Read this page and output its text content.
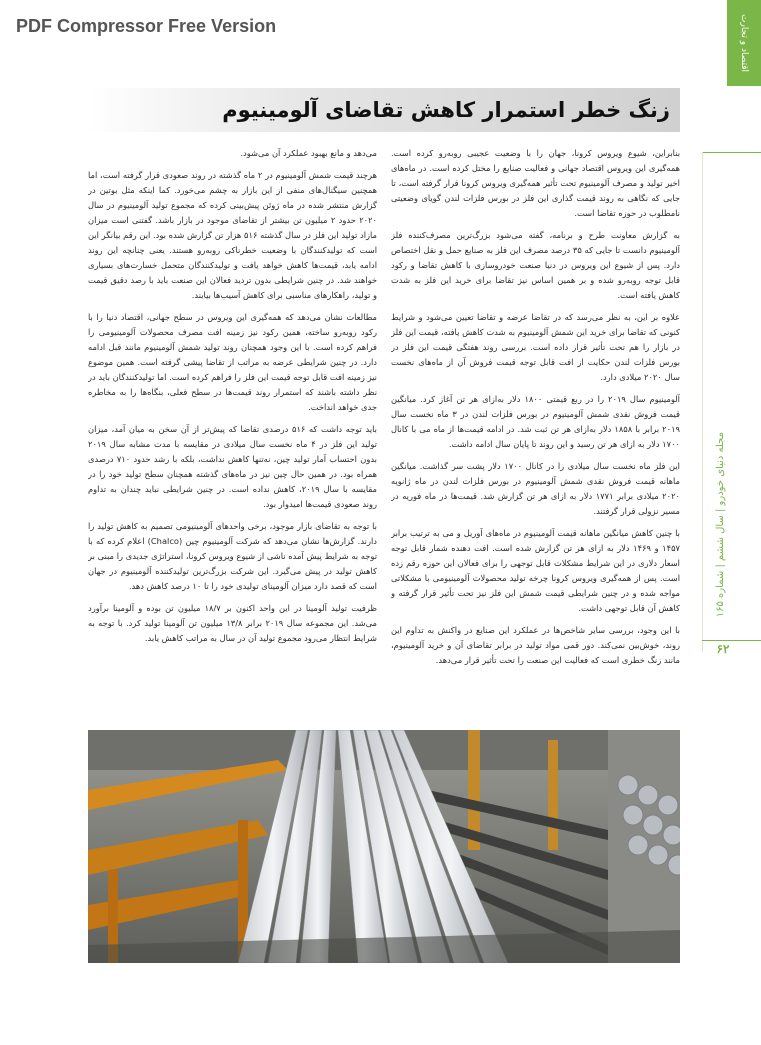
PDF Compressor Free Version	اقتصاد و تجارت
مجله دنیای خودرو | سال ششم | شماره ۱۶۵
۶۲
زنگ خطر استمرار کاهش تقاضای آلومینیوم

بنابراین، شیوع ویروس کرونا، جهان را با وضعیت عجیبی روبه‌رو کرده است. همه‌گیری این ویروس اقتصاد جهانی و فعالیت صنایع را مختل کرده است. در ماه‌های اخیر تولید و مصرف آلومینیوم تحت تأثیر همه‌گیری ویروس کرونا قرار گرفته است، تا جایی که نگاهی به روند قیمت گذاری این فلز در بورس فلزات لندن گویای وضعیتی نامطلوب در حوزه تقاضا است.

به گزارش معاونت طرح و برنامه، گفته می‌شود بزرگ‌ترین مصرف‌کننده فلز آلومینیوم دانست تا جایی که ۳۵ درصد مصرف این فلز به صنایع حمل و نقل اختصاص دارد. پس از شیوع این ویروس در دنیا صنعت خودروسازی با کاهش تقاضا و رکود قابل توجه روبه‌رو شده و بر همین اساس نیز تقاضا برای خرید این فلز به شدت کاهش یافته است.

علاوه بر این، به نظر می‌رسد که در تقاضا عرضه و تقاضا تعیین می‌شود و شرایط کنونی که تقاضا برای خرید این شمش آلومینیوم به شدت کاهش یافته، قیمت این فلز در بازار را هم تحت تأثیر قرار داده است. بررسی روند هفتگی قیمت این فلز در بورس فلزات لندن حکایت از افت قابل توجه قیمت فروش آن از ماه‌های نخست سال ۲۰۲۰ میلادی دارد.

آلومینیوم سال ۲۰۱۹ را در ربع قیمتی ۱۸۰۰ دلار به‌ازای هر تن آغاز کرد. میانگین قیمت فروش نقدی شمش آلومینیوم در بورس فلزات لندن در ۳ ماه نخست سال ۲۰۱۹ برابر با ۱۸۵۸ دلار به‌ازای هر تن ثبت شد. در ادامه قیمت‌ها از ماه می با کانال ۱۷۰۰ دلار به ازای هر تن رسید و این روند تا پایان سال ادامه داشت.

این فلز ماه نخست سال میلادی را در کانال ۱۷۰۰ دلار پشت سر گذاشت. میانگین ماهانه قیمت فروش نقدی شمش آلومینیوم در بورس فلزات لندن در ماه ژانویه ۲۰۲۰ میلادی برابر ۱۷۷۱ دلار به ازای هر تن گزارش شد. قیمت‌ها در ماه فوریه در مسیر نزولی قرار گرفتند.

با چنین کاهش میانگین ماهانه قیمت آلومینیوم در ماه‌های آوریل و می به ترتیب برابر ۱۴۵۷ و ۱۴۶۹ دلار به ازای هر تن گزارش شده است. افت دهنده شمار قابل توجه اسعار دلاری در این شرایط مشکلات قابل توجهی را برای فعالان این حوزه رقم زده است. پس از همه‌گیری ویروس کرونا چرخه تولید محصولات آلومینیومی با مشکلاتی مواجه شده و در چنین شرایطی قیمت شمش این فلز نیز تحت تأثیر قرار گرفته و کاهش آن قابل توجهی داشت.

با این وجود، بررسی سایر شاخص‌ها در عملکرد این صنایع در واکنش به تداوم این روند، خوش‌بین نمی‌کند. دور قمی مواد تولید در برابر تقاضای آن و خرید آلومینیوم، مانند زنگ خطری است که فعالیت این صنعت را تحت تأثیر قرار می‌دهد.

می‌دهد و مانع بهبود عملکرد آن می‌شود.

هرچند قیمت شمش آلومینیوم در ۲ ماه گذشته در روند صعودی قرار گرفته است، اما همچنین سیگنال‌های منفی از این بازار به چشم می‌خورد. کما اینکه مثل بوتین در گزارش منتشر شده در ماه ژوئن پیش‌بینی کرده که مجموع تولید آلومینیوم در سال ۲۰۲۰ حدود ۲ میلیون تن بیشتر از تقاضای موجود در بازار باشد. گفتنی است میزان مازاد تولید این فلز در سال گذشته ۵۱۶ هزار تن گزارش شده بود. این رقم بیانگر این است که تولیدکنندگان با وضعیت خطرناکی روبه‌رو هستند. یعنی چنانچه این روند ادامه یابد، قیمت‌ها کاهش خواهد یافت و تولیدکنندگان متحمل خسارت‌های بسیاری خواهند شد. در چنین شرایطی بدون تردید فعالان این صنعت باید با رصد دقیق قیمت و تولید، راهکارهای مناسبی برای کاهش آسیب‌ها بیابند.

مطالعات نشان می‌دهد که همه‌گیری این ویروس در سطح جهانی، اقتصاد دنیا را با رکود روبه‌رو ساخته، همین رکود نیز زمینه افت مصرف محصولات آلومینیومی را فراهم کرده است. با این وجود همچنان روند تولید شمش آلومینیوم مانند قبل ادامه دارد. در چنین شرایطی عرضه به مراتب از تقاضا پیشی گرفته است. همین موضوع نیز زمینه افت قابل توجه قیمت این فلز را فراهم کرده است. اما تولیدکنندگان باید در نظر داشته باشند که استمرار روند قیمت‌ها در سطح فعلی، بنگاه‌ها را به مخاطره جدی خواهد انداخت.

باید توجه داشت که ۵۱۶ درصدی تقاضا که پیش‌تر از آن سخن به میان آمد، میزان تولید این فلز در ۴ ماه نخست سال میلادی در مقایسه با مدت مشابه سال ۲۰۱۹ بدون احتساب آمار تولید چین، نه‌تنها کاهش نداشت، بلکه با رشد حدود ۷۱۰ درصدی همراه بود. در همین حال چین نیز در ماه‌های گذشته همچنان سطح تولید خود را در مقایسه با سال ۲۰۱۹، کاهش نداده است. در چنین شرایطی نباید چندان به تداوم روند صعودی قیمت‌ها امیدوار بود.

با توجه به تقاضای بازار موجود، برخی واحدهای آلومینیومی تصمیم به کاهش تولید را دارند. گزارش‌ها نشان می‌دهد که شرکت آلومینیوم چین (Chalco) اعلام کرده که با توجه به شرایط پیش آمده ناشی از شیوع ویروس کرونا، استراتژی جدیدی را مبنی بر کاهش تولید در پیش می‌گیرد. این شرکت بزرگ‌ترین تولیدکننده آلومینیوم در جهان است که قصد دارد میزان آلومینای تولیدی خود را تا ۱۰ درصد کاهش دهد.

ظرفیت تولید آلومینا در این واحد اکنون بر ۱۸/۷ میلیون تن بوده و آلومینا برآورد می‌شد. این مجموعه سال ۲۰۱۹ برابر ۱۳/۸ میلیون تن آلومینا تولید کرد. با توجه به شرایط انتظار می‌رود مجموع تولید آن در سال به مراتب کاهش یابد.
